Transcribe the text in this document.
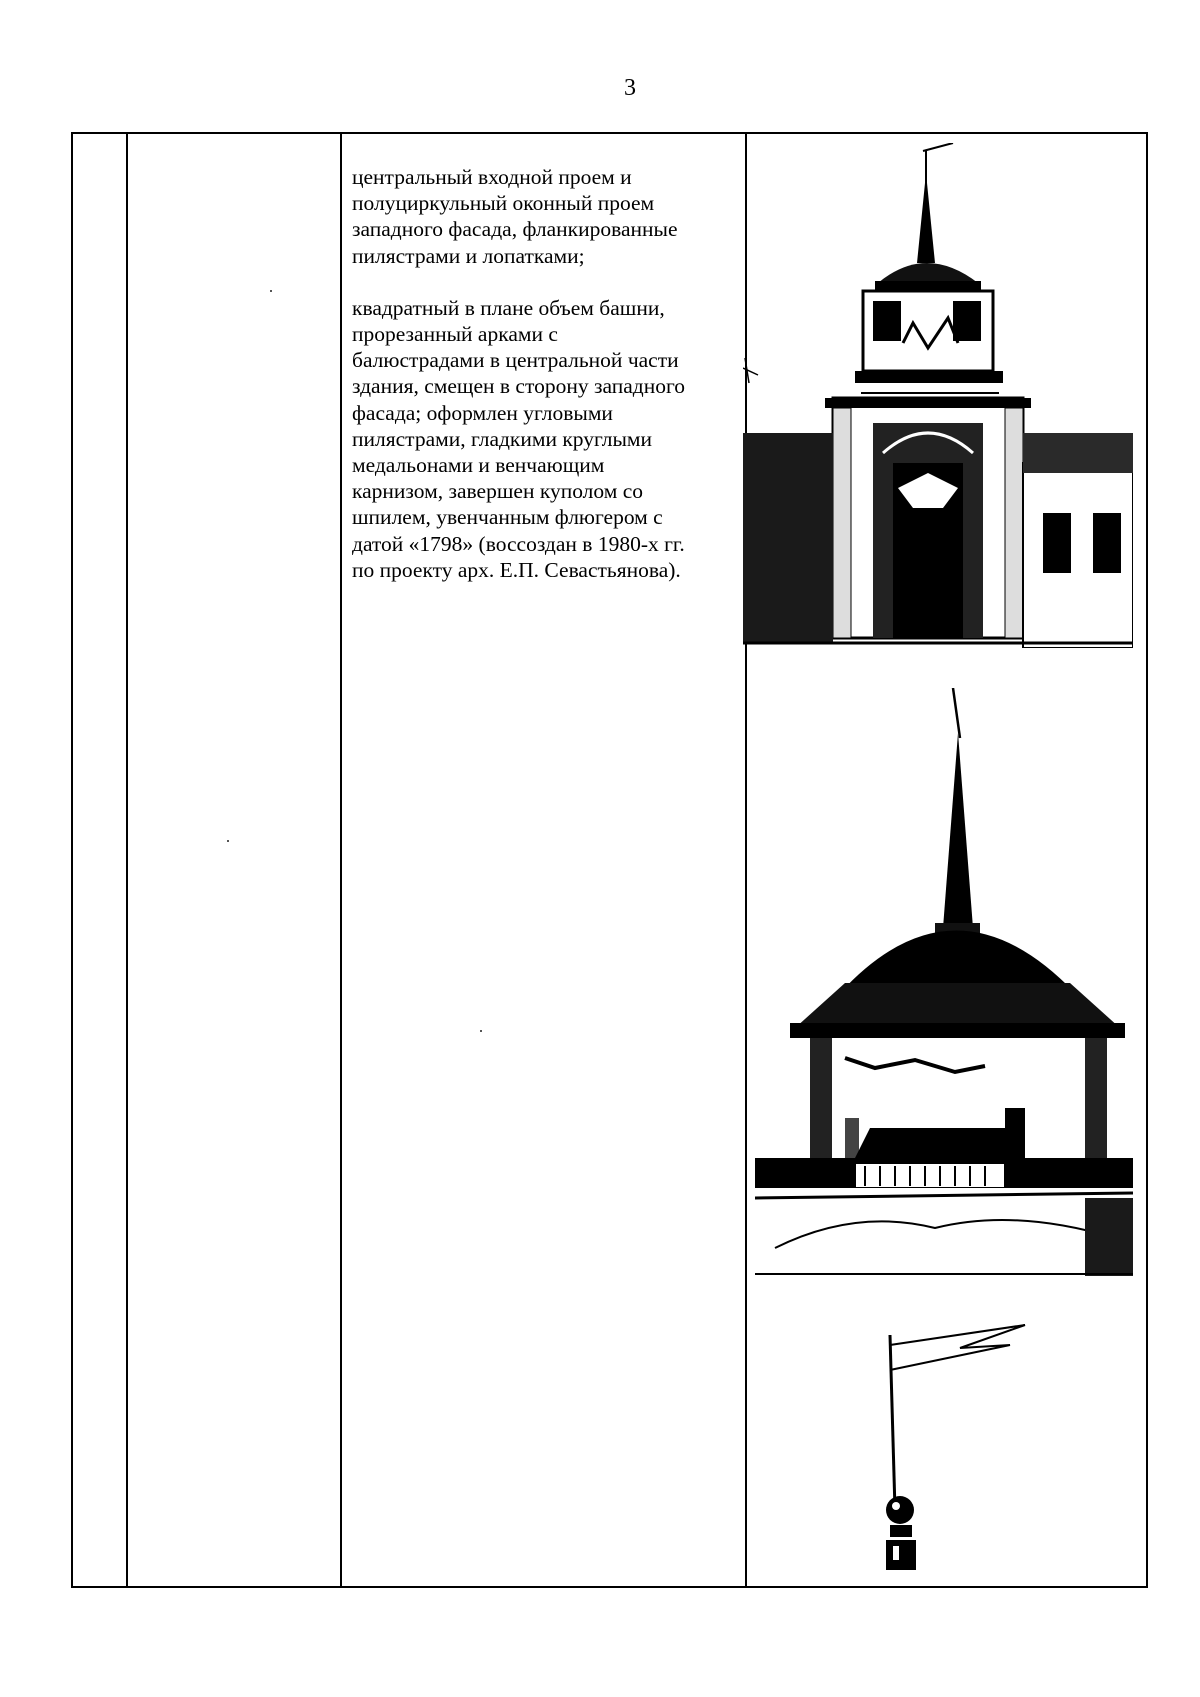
3

центральный входной проем и
полуциркульный оконный проем
западного фасада, фланкированные
пилястрами и лопатками;

квадратный в плане объем башни,
прорезанный арками с
балюстрадами в центральной части
здания, смещен в сторону западного
фасада; оформлен угловыми
пилястрами, гладкими круглыми
медальонами и венчающим
карнизом, завершен куполом со
шпилем, увенчанным флюгером с
датой «1798» (воссоздан в 1980-х гг.
по проекту арх. Е.П. Севастьянова).
